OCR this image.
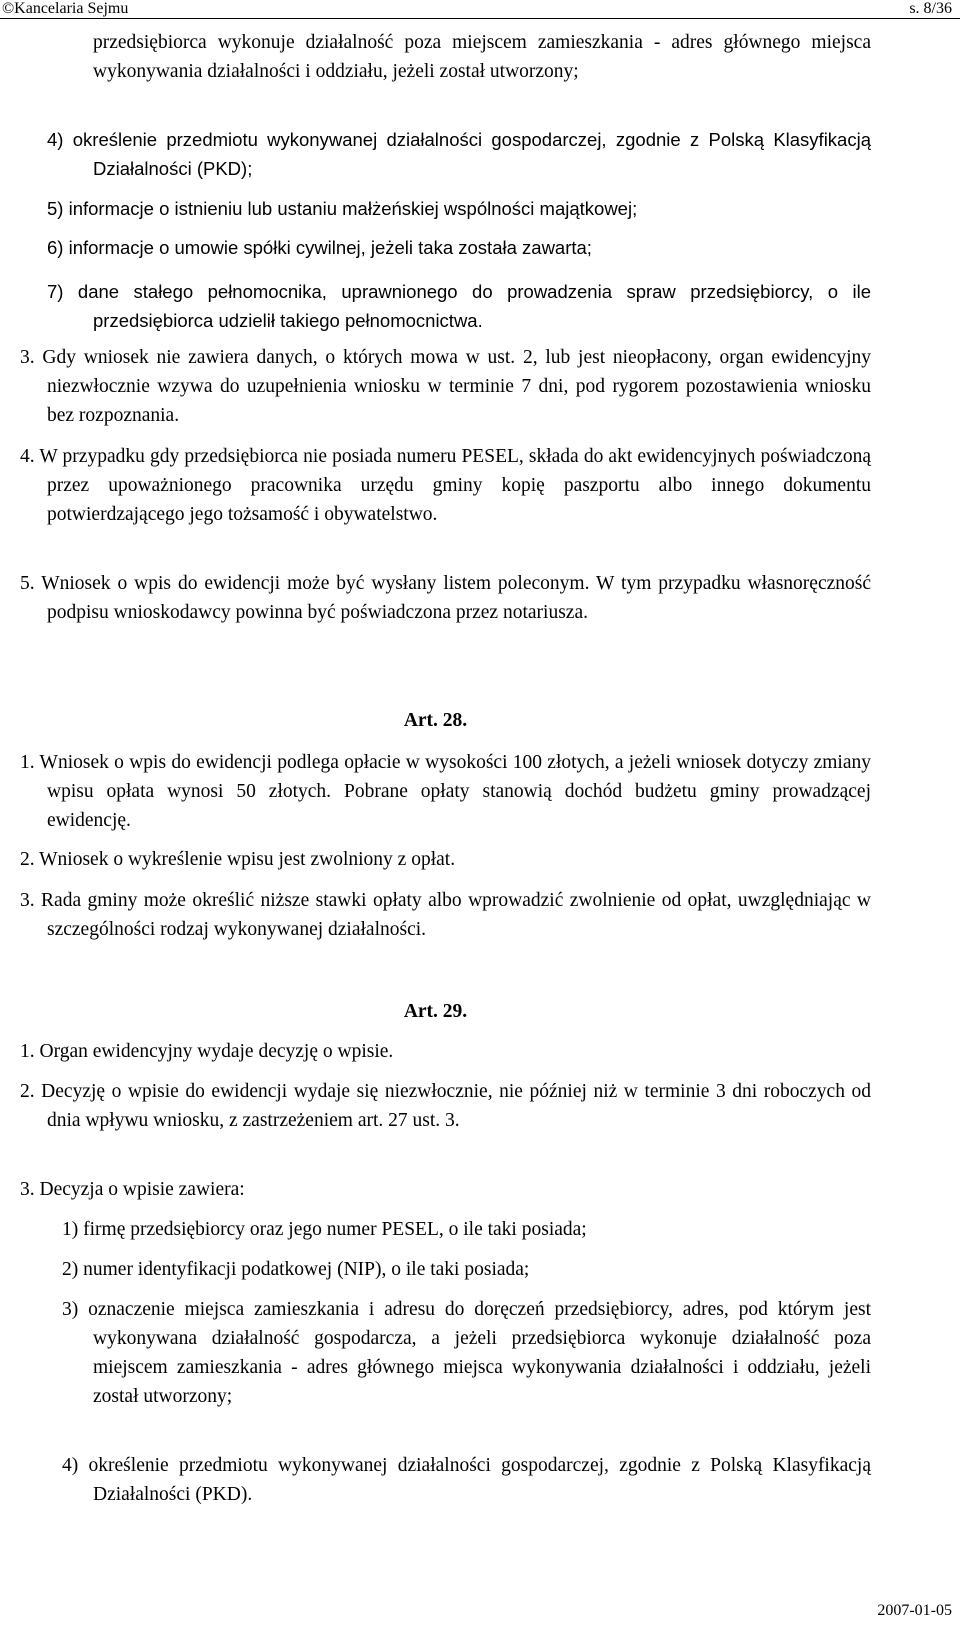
©Kancelaria Sejmu	s. 8/36
przedsiębiorca wykonuje działalność poza miejscem zamieszkania - adres głównego miejsca wykonywania działalności i oddziału, jeżeli został utworzony;
4) określenie przedmiotu wykonywanej działalności gospodarczej, zgodnie z Polską Klasyfikacją Działalności (PKD);
5) informacje o istnieniu lub ustaniu małżeńskiej wspólności majątkowej;
6) informacje o umowie spółki cywilnej, jeżeli taka została zawarta;
7) dane stałego pełnomocnika, uprawnionego do prowadzenia spraw przedsiębiorcy, o ile przedsiębiorca udzielił takiego pełnomocnictwa.
3. Gdy wniosek nie zawiera danych, o których mowa w ust. 2, lub jest nieopłacony, organ ewidencyjny niezwłocznie wzywa do uzupełnienia wniosku w terminie 7 dni, pod rygorem pozostawienia wniosku bez rozpoznania.
4. W przypadku gdy przedsiębiorca nie posiada numeru PESEL, składa do akt ewidencyjnych poświadczoną przez upoważnionego pracownika urzędu gminy kopię paszportu albo innego dokumentu potwierdzającego jego tożsamość i obywatelstwo.
5. Wniosek o wpis do ewidencji może być wysłany listem poleconym. W tym przypadku własnoręczność podpisu wnioskodawcy powinna być poświadczona przez notariusza.
Art. 28.
1. Wniosek o wpis do ewidencji podlega opłacie w wysokości 100 złotych, a jeżeli wniosek dotyczy zmiany wpisu opłata wynosi 50 złotych. Pobrane opłaty stanowią dochód budżetu gminy prowadzącej ewidencję.
2. Wniosek o wykreślenie wpisu jest zwolniony z opłat.
3. Rada gminy może określić niższe stawki opłaty albo wprowadzić zwolnienie od opłat, uwzględniając w szczególności rodzaj wykonywanej działalności.
Art. 29.
1. Organ ewidencyjny wydaje decyzję o wpisie.
2. Decyzję o wpisie do ewidencji wydaje się niezwłocznie, nie później niż w terminie 3 dni roboczych od dnia wpływu wniosku, z zastrzeżeniem art. 27 ust. 3.
3. Decyzja o wpisie zawiera:
1) firmę przedsiębiorcy oraz jego numer PESEL, o ile taki posiada;
2) numer identyfikacji podatkowej (NIP), o ile taki posiada;
3) oznaczenie miejsca zamieszkania i adresu do doręczeń przedsiębiorcy, adres, pod którym jest wykonywana działalność gospodarcza, a jeżeli przedsiębiorca wykonuje działalność poza miejscem zamieszkania - adres głównego miejsca wykonywania działalności i oddziału, jeżeli został utworzony;
4) określenie przedmiotu wykonywanej działalności gospodarczej, zgodnie z Polską Klasyfikacją Działalności (PKD).
2007-01-05
